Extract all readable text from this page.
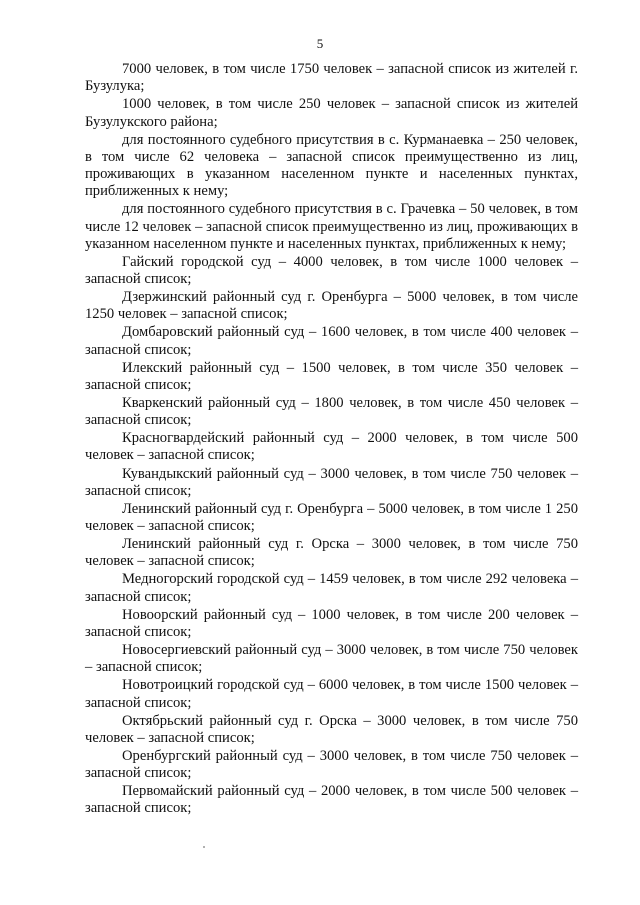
5

7000 человек, в том числе 1750 человек – запасной список из жителей г. Бузулука;

1000 человек, в том числе 250 человек – запасной список из жителей Бузулукского района;

для постоянного судебного присутствия в с. Курманаевка – 250 человек, в том числе 62 человека – запасной список преимущественно из лиц, проживающих в указанном населенном пункте и населенных пунктах, приближенных к нему;

для постоянного судебного присутствия в с. Грачевка – 50 человек, в том числе 12 человек – запасной список преимущественно из лиц, проживающих в указанном населенном пункте и населенных пунктах, приближенных к нему;

Гайский городской суд – 4000 человек, в том числе 1000 человек – запасной список;

Дзержинский районный суд г. Оренбурга – 5000 человек, в том числе 1250 человек – запасной список;

Домбаровский районный суд – 1600 человек, в том числе 400 человек – запасной список;

Илекский районный суд – 1500 человек, в том числе 350 человек – запасной список;

Кваркенский районный суд – 1800 человек, в том числе 450 человек – запасной список;

Красногвардейский районный суд – 2000 человек, в том числе 500 человек – запасной список;

Кувандыкский районный суд – 3000 человек, в том числе 750 человек – запасной список;

Ленинский районный суд г. Оренбурга – 5000 человек, в том числе 1 250 человек – запасной список;

Ленинский районный суд г. Орска – 3000 человек, в том числе 750 человек – запасной список;

Медногорский городской суд – 1459 человек, в том числе 292 человека – запасной список;

Новоорский районный суд – 1000 человек, в том числе 200 человек – запасной список;

Новосергиевский районный суд – 3000 человек, в том числе 750 человек – запасной список;

Новотроицкий городской суд – 6000 человек, в том числе 1500 человек – запасной список;

Октябрьский районный суд г. Орска – 3000 человек, в том числе 750 человек – запасной список;

Оренбургский районный суд – 3000 человек, в том числе 750 человек – запасной список;

Первомайский районный суд – 2000 человек, в том числе 500 человек – запасной список;
